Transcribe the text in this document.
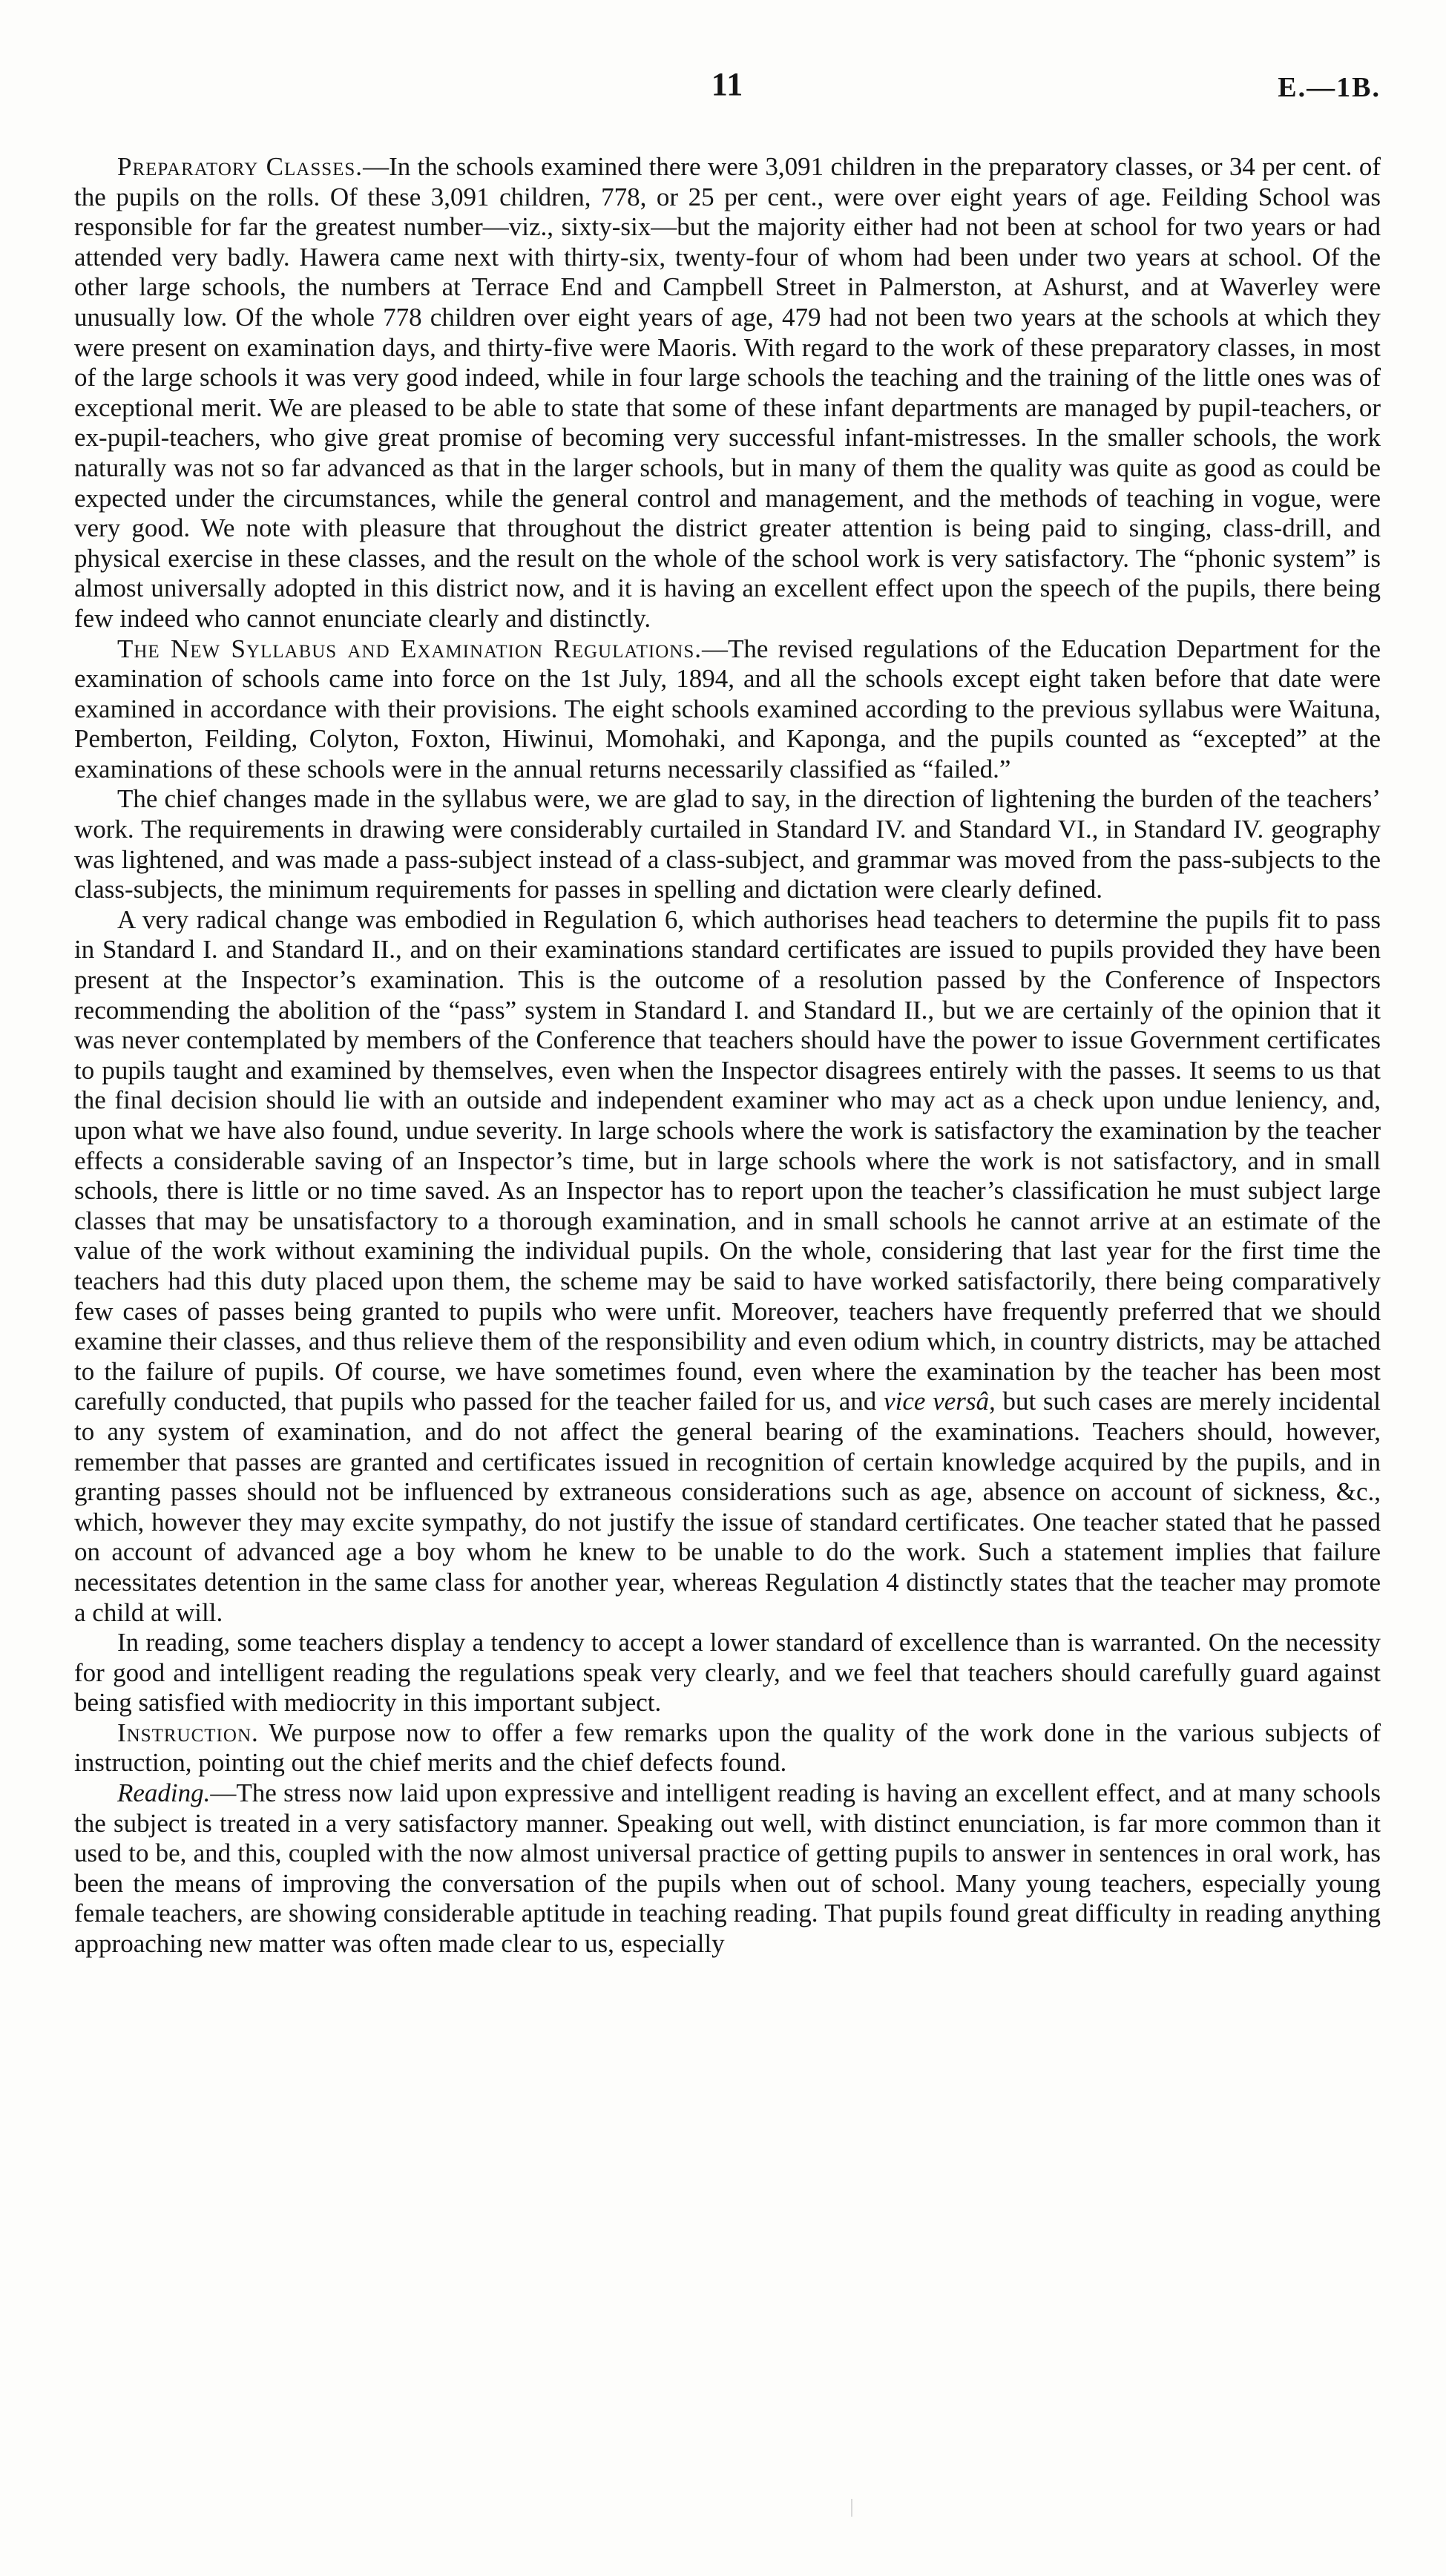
11	E.—1B.

Preparatory Classes.—In the schools examined there were 3,091 children in the preparatory classes, or 34 per cent. of the pupils on the rolls. Of these 3,091 children, 778, or 25 per cent., were over eight years of age. Feilding School was responsible for far the greatest number—viz., sixty-six—but the majority either had not been at school for two years or had attended very badly. Hawera came next with thirty-six, twenty-four of whom had been under two years at school. Of the other large schools, the numbers at Terrace End and Campbell Street in Palmerston, at Ashurst, and at Waverley were unusually low. Of the whole 778 children over eight years of age, 479 had not been two years at the schools at which they were present on examination days, and thirty-five were Maoris. With regard to the work of these preparatory classes, in most of the large schools it was very good indeed, while in four large schools the teaching and the training of the little ones was of exceptional merit. We are pleased to be able to state that some of these infant departments are managed by pupil-teachers, or ex-pupil-teachers, who give great promise of becoming very successful infant-mistresses. In the smaller schools, the work naturally was not so far advanced as that in the larger schools, but in many of them the quality was quite as good as could be expected under the circumstances, while the general control and management, and the methods of teaching in vogue, were very good. We note with pleasure that throughout the district greater attention is being paid to singing, class-drill, and physical exercise in these classes, and the result on the whole of the school work is very satisfactory. The “phonic system” is almost universally adopted in this district now, and it is having an excellent effect upon the speech of the pupils, there being few indeed who cannot enunciate clearly and distinctly.

The New Syllabus and Examination Regulations.—The revised regulations of the Education Department for the examination of schools came into force on the 1st July, 1894, and all the schools except eight taken before that date were examined in accordance with their provisions. The eight schools examined according to the previous syllabus were Waituna, Pemberton, Feilding, Colyton, Foxton, Hiwinui, Momohaki, and Kaponga, and the pupils counted as “excepted” at the examinations of these schools were in the annual returns necessarily classified as “failed.”

The chief changes made in the syllabus were, we are glad to say, in the direction of lightening the burden of the teachers’ work. The requirements in drawing were considerably curtailed in Standard IV. and Standard VI., in Standard IV. geography was lightened, and was made a pass-subject instead of a class-subject, and grammar was moved from the pass-subjects to the class-subjects, the minimum requirements for passes in spelling and dictation were clearly defined.

A very radical change was embodied in Regulation 6, which authorises head teachers to determine the pupils fit to pass in Standard I. and Standard II., and on their examinations standard certificates are issued to pupils provided they have been present at the Inspector’s examination. This is the outcome of a resolution passed by the Conference of Inspectors recommending the abolition of the “pass” system in Standard I. and Standard II., but we are certainly of the opinion that it was never contemplated by members of the Conference that teachers should have the power to issue Government certificates to pupils taught and examined by themselves, even when the Inspector disagrees entirely with the passes. It seems to us that the final decision should lie with an outside and independent examiner who may act as a check upon undue leniency, and, upon what we have also found, undue severity. In large schools where the work is satisfactory the examination by the teacher effects a considerable saving of an Inspector’s time, but in large schools where the work is not satisfactory, and in small schools, there is little or no time saved. As an Inspector has to report upon the teacher’s classification he must subject large classes that may be unsatisfactory to a thorough examination, and in small schools he cannot arrive at an estimate of the value of the work without examining the individual pupils. On the whole, considering that last year for the first time the teachers had this duty placed upon them, the scheme may be said to have worked satisfactorily, there being comparatively few cases of passes being granted to pupils who were unfit. Moreover, teachers have frequently preferred that we should examine their classes, and thus relieve them of the responsibility and even odium which, in country districts, may be attached to the failure of pupils. Of course, we have sometimes found, even where the examination by the teacher has been most carefully conducted, that pupils who passed for the teacher failed for us, and vice versâ, but such cases are merely incidental to any system of examination, and do not affect the general bearing of the examinations. Teachers should, however, remember that passes are granted and certificates issued in recognition of certain knowledge acquired by the pupils, and in granting passes should not be influenced by extraneous considerations such as age, absence on account of sickness, &c., which, however they may excite sympathy, do not justify the issue of standard certificates. One teacher stated that he passed on account of advanced age a boy whom he knew to be unable to do the work. Such a statement implies that failure necessitates detention in the same class for another year, whereas Regulation 4 distinctly states that the teacher may promote a child at will.

In reading, some teachers display a tendency to accept a lower standard of excellence than is warranted. On the necessity for good and intelligent reading the regulations speak very clearly, and we feel that teachers should carefully guard against being satisfied with mediocrity in this important subject.

Instruction. We purpose now to offer a few remarks upon the quality of the work done in the various subjects of instruction, pointing out the chief merits and the chief defects found.

Reading.—The stress now laid upon expressive and intelligent reading is having an excellent effect, and at many schools the subject is treated in a very satisfactory manner. Speaking out well, with distinct enunciation, is far more common than it used to be, and this, coupled with the now almost universal practice of getting pupils to answer in sentences in oral work, has been the means of improving the conversation of the pupils when out of school. Many young teachers, especially young female teachers, are showing considerable aptitude in teaching reading. That pupils found great difficulty in reading anything approaching new matter was often made clear to us, especially
